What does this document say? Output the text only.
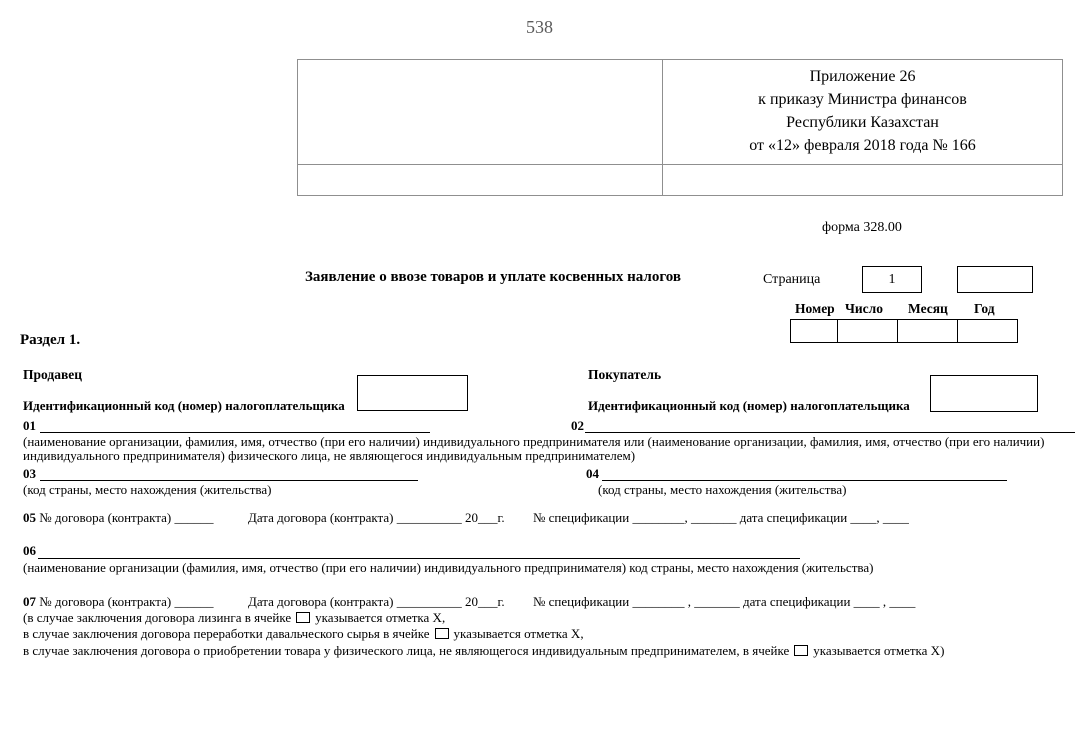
538
Приложение 26
к приказу Министра финансов
Республики Казахстан
от «12» февраля 2018 года № 166
форма 328.00
Заявление о ввозе товаров и уплате косвенных налогов	Страница	1
Номер Число Месяц Год
Раздел 1.
Продавец	Покупатель
Идентификационный код (номер) налогоплательщика	Идентификационный код (номер) налогоплательщика
01	02
(наименование организации, фамилия, имя, отчество (при его наличии) индивидуального предпринимателя или (наименование организации, фамилия, имя, отчество (при его наличии)
индивидуального предпринимателя) физического лица, не являющегося индивидуальным предпринимателем)
03	04
(код страны, место нахождения (жительства)	(код страны, место нахождения (жительства)
05 № договора (контракта) ______	Дата договора (контракта) __________ 20___г. № спецификации ________, _______ дата спецификации ____, ____
06
(наименование организации (фамилия, имя, отчество (при его наличии) индивидуального предпринимателя) код страны, место нахождения (жительства)
07 № договора (контракта) ______	Дата договора (контракта) __________ 20___г. № спецификации ________ , _______ дата спецификации ____ , ____
(в случае заключения договора лизинга в ячейке указывается отметка X,
в случае заключения договора переработки давальческого сырья в ячейке указывается отметка X,
в случае заключения договора о приобретении товара у физического лица, не являющегося индивидуальным предпринимателем, в ячейке указывается отметка X)
